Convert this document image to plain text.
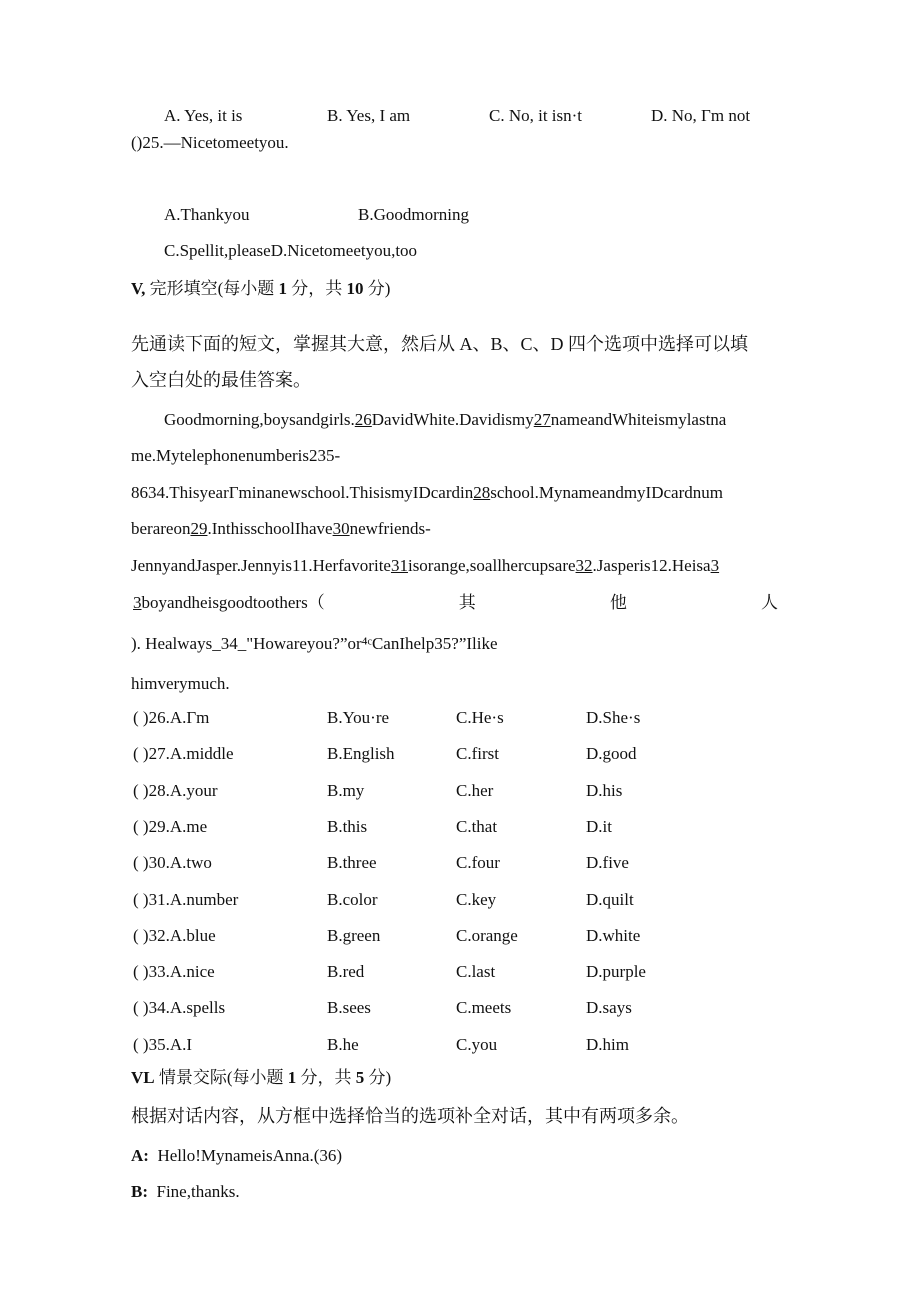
A. Yes, it is	B. Yes, I am	C. No, it isn·t	D. No, Γm not
()25.—Nicetomeetyou.
A.Thankyou	B.Goodmorning
C.Spellit,pleaseD.Nicetomeetyou,too
V, 完形填空(每小题 1 分，共 10 分)
先通读下面的短文，掌握其大意，然后从 A、B、C、D 四个选项中选择可以填
入空白处的最佳答案。
Goodmorning,boysandgirls.26DavidWhite.Davidismy27nameandWhiteismylastna
me.Mytelephonenumberis235-
8634.ThisyearΓminanewschool.ThisismyIDcardin28school.MynameandmyIDcardnum
berareon29.InthisschoolIhave30newfriends-
JennyandJasper.Jennyis11.Herfavorite31isorange,soallhercupsare32.Jasperis12.Heisa3
3boyandheisgoodtoothers（	其	他	人
). Healways_34_"Howareyou?”or⁴ᶜCanIhelp35?”Ilike
himverymuch.
( )26.A.Γm	B.You·re	C.He·s	D.She·s
( )27.A.middle	B.English	C.first	D.good
( )28.A.your	B.my	C.her	D.his
( )29.A.me	B.this	C.that	D.it
( )30.A.two	B.three	C.four	D.five
( )31.A.number	B.color	C.key	D.quilt
( )32.A.blue	B.green	C.orange	D.white
( )33.A.nice	B.red	C.last	D.purple
( )34.A.spells	B.sees	C.meets	D.says
( )35.A.I	B.he	C.you	D.him
VL 情景交际(每小题 1 分，共 5 分)
根据对话内容，从方框中选择恰当的选项补全对话，其中有两项多余。
A: Hello!MynameisAnna.(36)
B: Fine,thanks.
